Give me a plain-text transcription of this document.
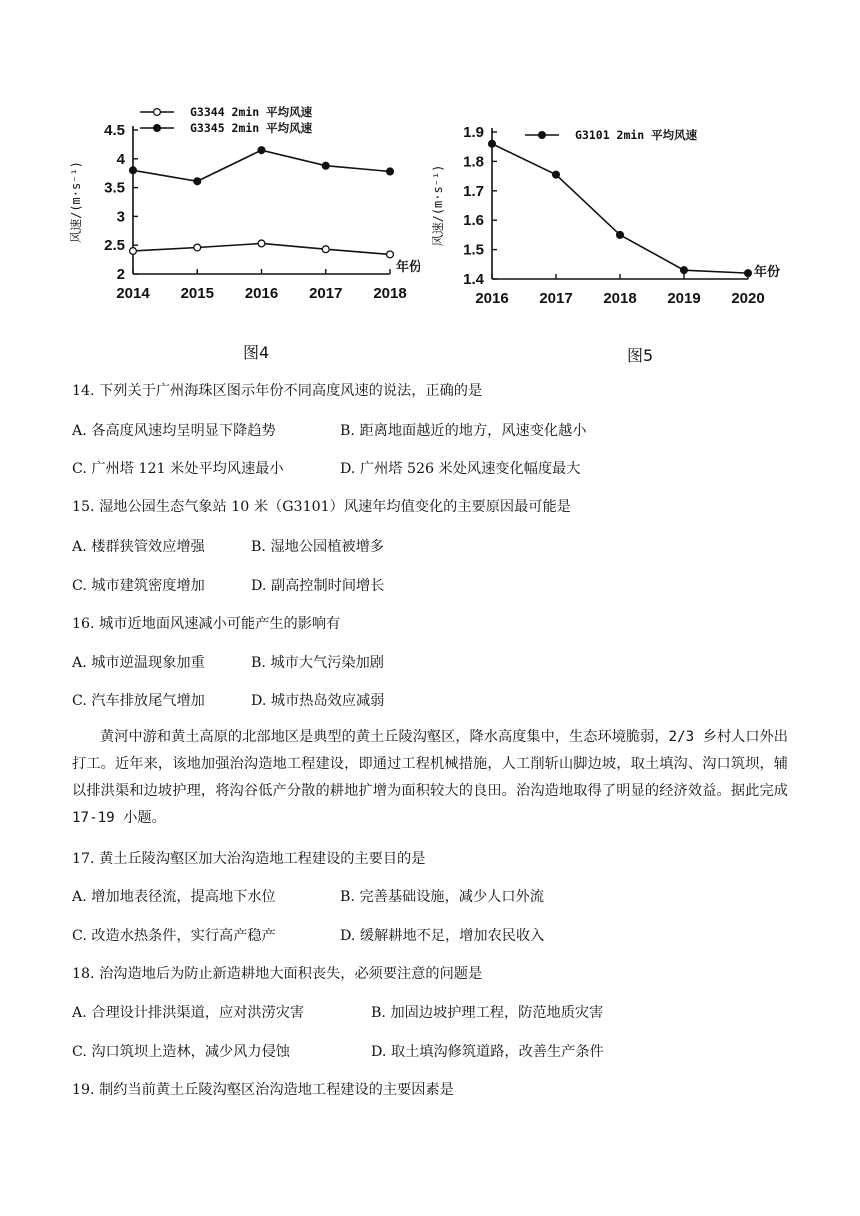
2
2.5
3
3.5
4
4.5
2014 2015 2016 2017 2018
风速/(m·s⁻¹)
年份
G3344 2min 平均风速
G3345 2min 平均风速
图4
1.4
1.5
1.6
1.7
1.8
1.9
2016 2017 2018 2019 2020
风速/(m·s⁻¹)
年份
G3101 2min 平均风速
图5
14. 下列关于广州海珠区图示年份不同高度风速的说法，正确的是
A. 各高度风速均呈明显下降趋势	B. 距离地面越近的地方，风速变化越小
C. 广州塔 121 米处平均风速最小	D. 广州塔 526 米处风速变化幅度最大
15. 湿地公园生态气象站 10 米（G3101）风速年均值变化的主要原因最可能是
A. 楼群狭管效应增强	B. 湿地公园植被增多
C. 城市建筑密度增加	D. 副高控制时间增长
16. 城市近地面风速减小可能产生的影响有
A. 城市逆温现象加重	B. 城市大气污染加剧
C. 汽车排放尾气增加	D. 城市热岛效应减弱
黄河中游和黄土高原的北部地区是典型的黄土丘陵沟壑区，降水高度集中，生态环境脆弱，2/3 乡村人口外出打工。近年来，该地加强治沟造地工程建设，即通过工程机械措施，人工削斩山脚边坡，取土填沟、沟口筑坝，辅以排洪渠和边坡护理，将沟谷低产分散的耕地扩增为面积较大的良田。治沟造地取得了明显的经济效益。据此完成 17-19 小题。
17. 黄土丘陵沟壑区加大治沟造地工程建设的主要目的是
A. 增加地表径流，提高地下水位	B. 完善基础设施，减少人口外流
C. 改造水热条件，实行高产稳产	D. 缓解耕地不足，增加农民收入
18. 治沟造地后为防止新造耕地大面积丧失，必须要注意的问题是
A. 合理设计排洪渠道，应对洪涝灾害	B. 加固边坡护理工程，防范地质灾害
C. 沟口筑坝上造林，减少风力侵蚀	D. 取土填沟修筑道路，改善生产条件
19. 制约当前黄土丘陵沟壑区治沟造地工程建设的主要因素是
